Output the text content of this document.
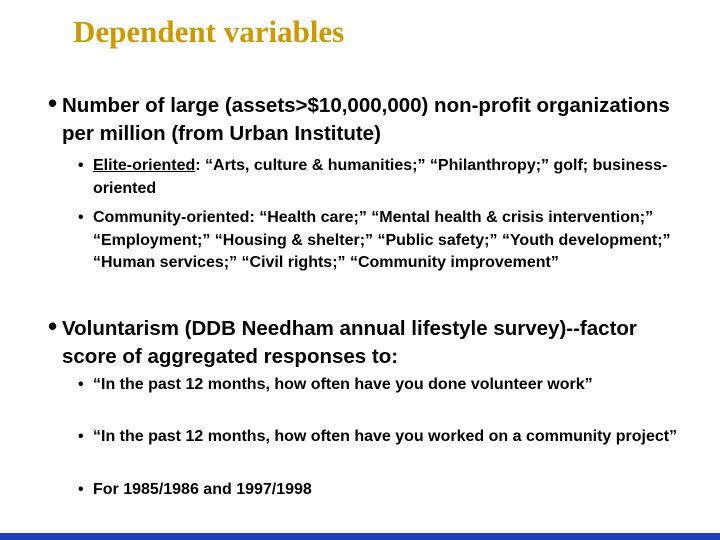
Dependent variables
• Number of large (assets>$10,000,000) non-profit organizations per million (from Urban Institute)
• Elite-oriented: “Arts, culture & humanities;” “Philanthropy;” golf; business-oriented
• Community-oriented: “Health care;” “Mental health & crisis intervention;” “Employment;” “Housing & shelter;” “Public safety;” “Youth development;” “Human services;” “Civil rights;” “Community improvement”
• Voluntarism (DDB Needham annual lifestyle survey)--factor score of aggregated responses to:
• “In the past 12 months, how often have you done volunteer work”
• “In the past 12 months, how often have you worked on a community project”
• For 1985/1986 and 1997/1998
